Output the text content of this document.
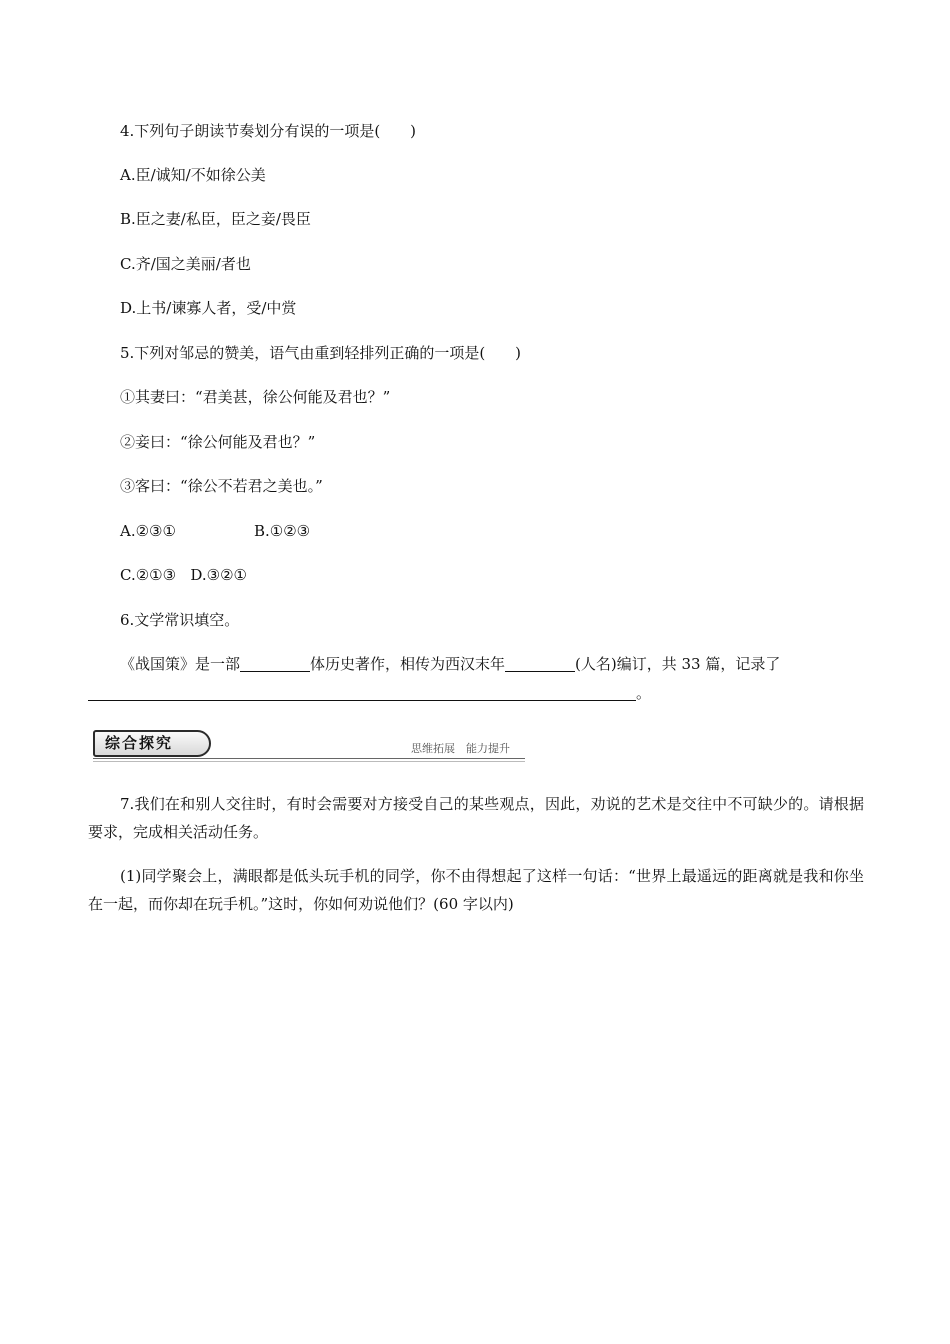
4.下列句子朗读节奏划分有误的一项是( )
A.臣/诚知/不如徐公美
B.臣之妻/私臣，臣之妾/畏臣
C.齐/国之美丽/者也
D.上书/谏寡人者，受/中赏
5.下列对邹忌的赞美，语气由重到轻排列正确的一项是( )
①其妻曰：“君美甚，徐公何能及君也？”
②妾曰：“徐公何能及君也？”
③客曰：“徐公不若君之美也。”
A.②③①	B.①②③
C.②①③ D.③②①
6.文学常识填空。
《战国策》是一部	体历史著作，相传为西汉末年	(人名)编订，共 33 篇，记录了
。
综合探究	思维拓展　能力提升
7.我们在和别人交往时，有时会需要对方接受自己的某些观点，因此，劝说的艺术是交往中不可缺少的。请根据要求，完成相关活动任务。
(1)同学聚会上，满眼都是低头玩手机的同学，你不由得想起了这样一句话：“世界上最遥远的距离就是我和你坐在一起，而你却在玩手机。”这时，你如何劝说他们？(60 字以内)
